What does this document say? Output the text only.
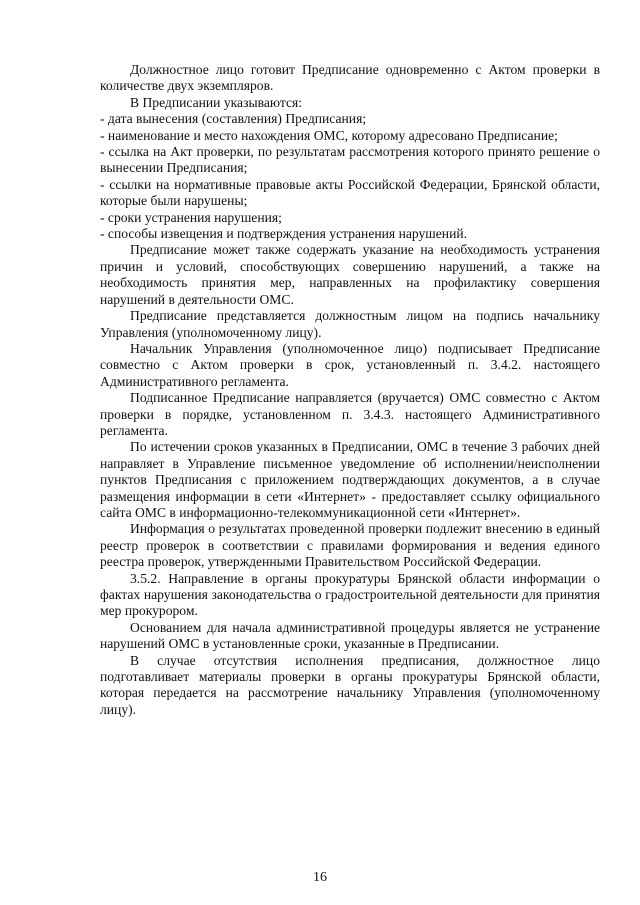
Должностное лицо готовит Предписание одновременно с Актом проверки в количестве двух экземпляров.

В Предписании указываются:

- дата вынесения (составления) Предписания;

- наименование и место нахождения ОМС, которому адресовано Предписание;

- ссылка на Акт проверки, по результатам рассмотрения которого принято решение о вынесении Предписания;

- ссылки на нормативные правовые акты Российской Федерации, Брянской области, которые были нарушены;

- сроки устранения нарушения;

- способы извещения и подтверждения устранения нарушений.

Предписание может также содержать указание на необходимость устранения причин и условий, способствующих совершению нарушений, а также на необходимость принятия мер, направленных на профилактику совершения нарушений в деятельности ОМС.

Предписание представляется должностным лицом на подпись начальнику Управления (уполномоченному лицу).

Начальник Управления (уполномоченное лицо) подписывает Предписание совместно с Актом проверки в срок, установленный п. 3.4.2. настоящего Административного регламента.

Подписанное Предписание направляется (вручается) ОМС совместно с Актом проверки в порядке, установленном п. 3.4.3. настоящего Административного регламента.

По истечении сроков указанных в Предписании, ОМС в течение 3 рабочих дней направляет в Управление письменное уведомление об исполнении/неисполнении пунктов Предписания с приложением подтверждающих документов, а в случае размещения информации в сети «Интернет» - предоставляет ссылку официального сайта ОМС в информационно-телекоммуникационной сети «Интернет».

Информация о результатах проведенной проверки подлежит внесению в единый реестр проверок в соответствии с правилами формирования и ведения единого реестра проверок, утвержденными Правительством Российской Федерации.

3.5.2. Направление в органы прокуратуры Брянской области информации о фактах нарушения законодательства о градостроительной деятельности для принятия мер прокурором.

Основанием для начала административной процедуры является не устранение нарушений ОМС в установленные сроки, указанные в Предписании.

В случае отсутствия исполнения предписания, должностное лицо подготавливает материалы проверки в органы прокуратуры Брянской области, которая передается на рассмотрение начальнику Управления (уполномоченному лицу).

16
